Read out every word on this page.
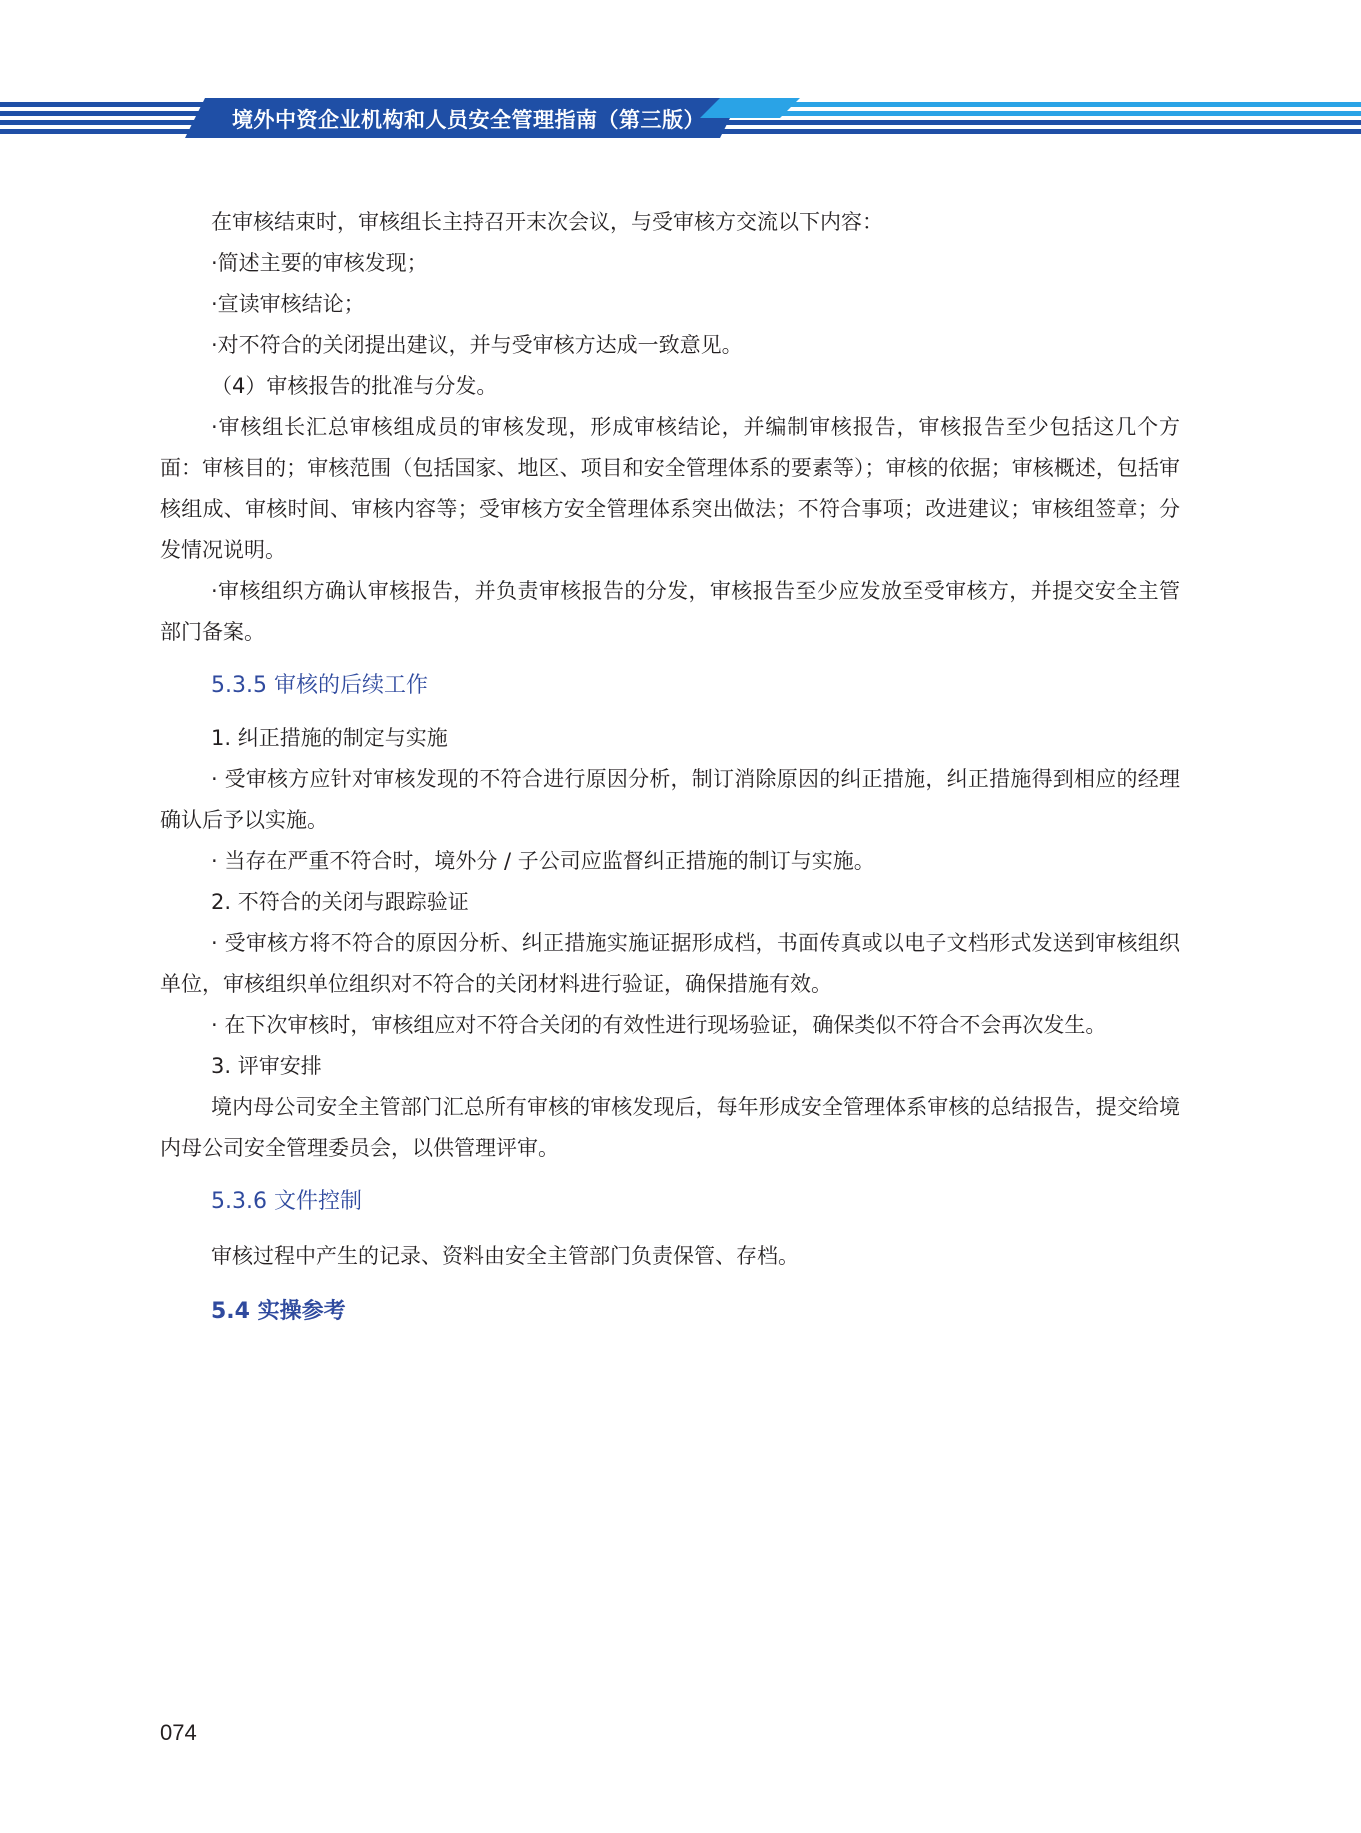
境外中资企业机构和人员安全管理指南（第三版）

在审核结束时，审核组长主持召开末次会议，与受审核方交流以下内容：

·简述主要的审核发现；

·宣读审核结论；

·对不符合的关闭提出建议，并与受审核方达成一致意见。

（4）审核报告的批准与分发。

·审核组长汇总审核组成员的审核发现，形成审核结论，并编制审核报告，审核报告至少包括这几个方面：审核目的；审核范围（包括国家、地区、项目和安全管理体系的要素等）；审核的依据；审核概述，包括审核组成、审核时间、审核内容等；受审核方安全管理体系突出做法；不符合事项；改进建议；审核组签章；分发情况说明。

·审核组织方确认审核报告，并负责审核报告的分发，审核报告至少应发放至受审核方，并提交安全主管部门备案。

5.3.5 审核的后续工作

1. 纠正措施的制定与实施

· 受审核方应针对审核发现的不符合进行原因分析，制订消除原因的纠正措施，纠正措施得到相应的经理确认后予以实施。

· 当存在严重不符合时，境外分 / 子公司应监督纠正措施的制订与实施。

2. 不符合的关闭与跟踪验证

· 受审核方将不符合的原因分析、纠正措施实施证据形成档，书面传真或以电子文档形式发送到审核组织单位，审核组织单位组织对不符合的关闭材料进行验证，确保措施有效。

· 在下次审核时，审核组应对不符合关闭的有效性进行现场验证，确保类似不符合不会再次发生。

3. 评审安排

境内母公司安全主管部门汇总所有审核的审核发现后，每年形成安全管理体系审核的总结报告，提交给境内母公司安全管理委员会，以供管理评审。

5.3.6 文件控制

审核过程中产生的记录、资料由安全主管部门负责保管、存档。

5.4 实操参考
074
